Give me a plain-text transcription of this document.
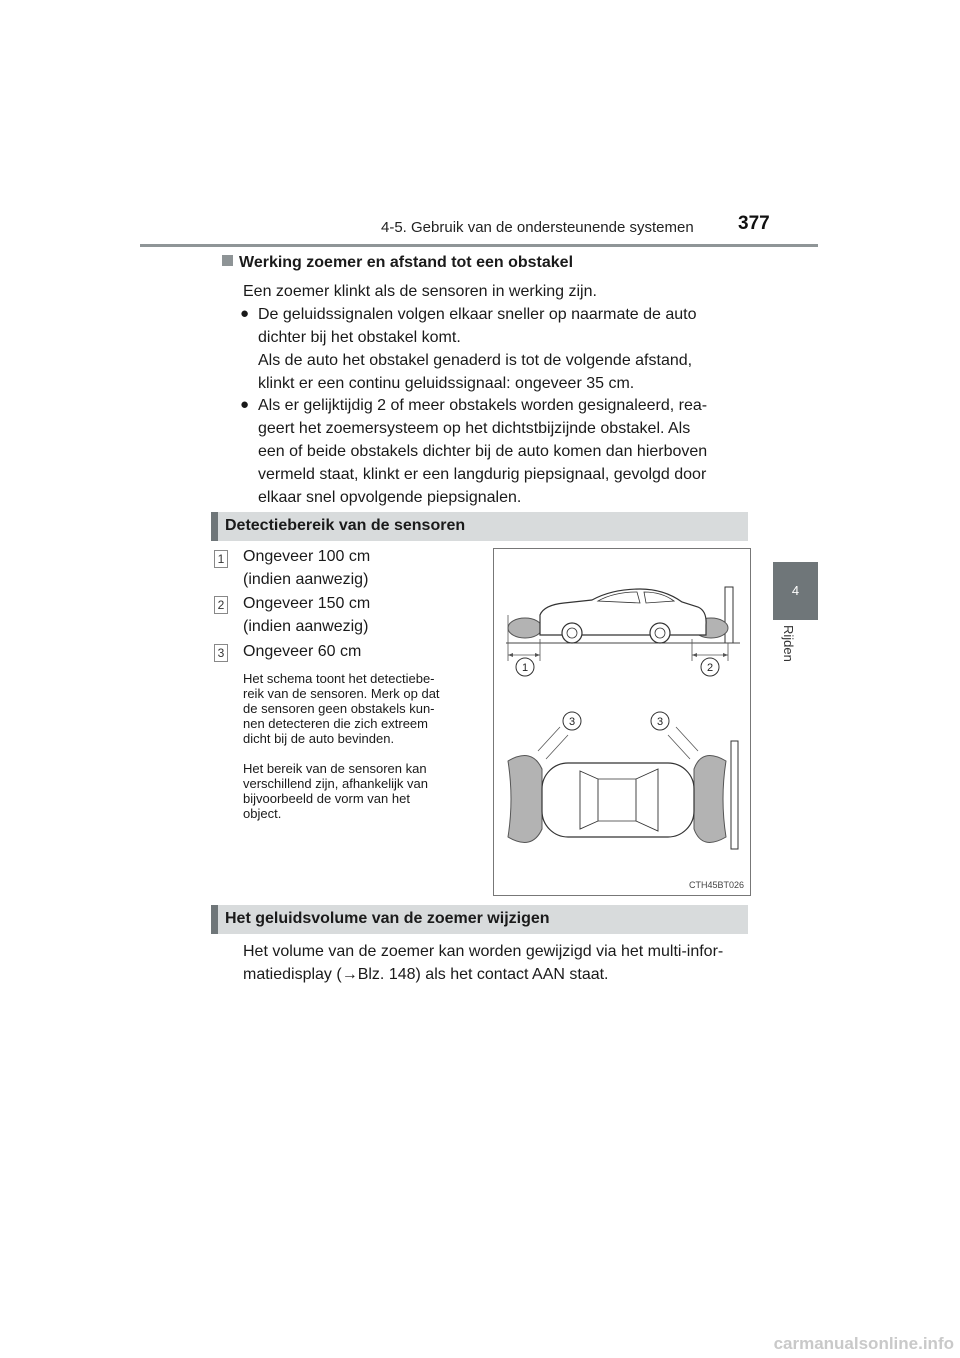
4-5. Gebruik van de ondersteunende systemen 377
4
Rijden
Werking zoemer en afstand tot een obstakel
Een zoemer klinkt als de sensoren in werking zijn.
● De geluidssignalen volgen elkaar sneller op naarmate de auto
dichter bij het obstakel komt.
Als de auto het obstakel genaderd is tot de volgende afstand,
klinkt er een continu geluidssignaal: ongeveer 35 cm.
● Als er gelijktijdig 2 of meer obstakels worden gesignaleerd, rea-
geert het zoemersysteem op het dichtstbijzijnde obstakel. Als
een of beide obstakels dichter bij de auto komen dan hierboven
vermeld staat, klinkt er een langdurig piepsignaal, gevolgd door
elkaar snel opvolgende piepsignalen.
Detectiebereik van de sensoren
1 Ongeveer 100 cm
(indien aanwezig)
2 Ongeveer 150 cm
(indien aanwezig)
3 Ongeveer 60 cm
Het schema toont het detectiebe-
reik van de sensoren. Merk op dat
de sensoren geen obstakels kun-
nen detecteren die zich extreem
dicht bij de auto bevinden.
Het bereik van de sensoren kan
verschillend zijn, afhankelijk van
bijvoorbeeld de vorm van het
object.
1	2
3	3
CTH45BT026
Het geluidsvolume van de zoemer wijzigen
Het volume van de zoemer kan worden gewijzigd via het multi-infor-
matiedisplay (→Blz. 148) als het contact AAN staat.
carmanualsonline.info
